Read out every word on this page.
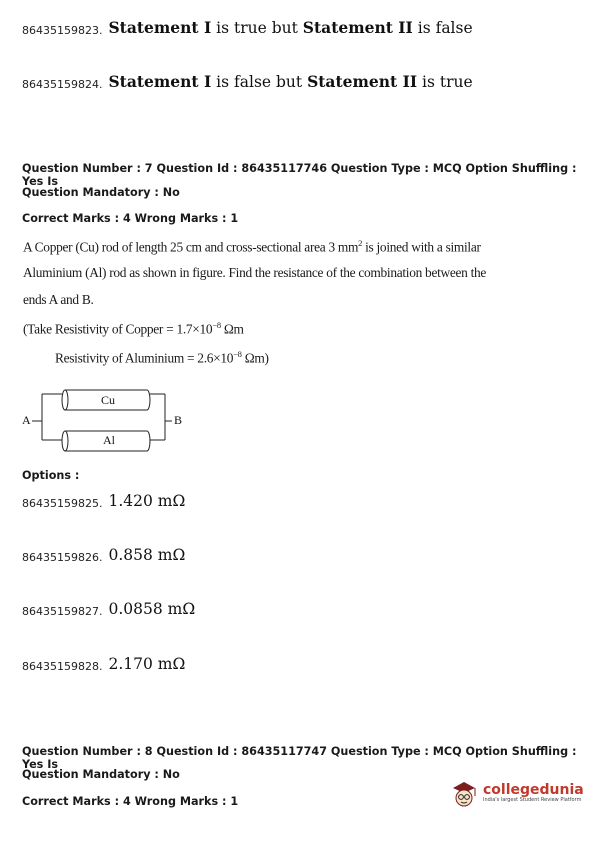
86435159823. Statement I is true but Statement II is false
86435159824. Statement I is false but Statement II is true
Question Number : 7 Question Id : 86435117746 Question Type : MCQ Option Shuffling : Yes Is
Question Mandatory : No
Correct Marks : 4 Wrong Marks : 1
A Copper (Cu) rod of length 25 cm and cross-sectional area 3 $mm^2$ is joined with a similar
Aluminium (Al) rod as shown in figure. Find the resistance of the combination between the
ends A and B.
(Take Resistivity of Copper = $1.7\times 10^{-8}$ Ωm
Resistivity of Aluminium = $2.6\times 10^{-8}$ Ωm)
A	B
Cu
Al
Options :
86435159825. 1.420 mΩ
86435159826. 0.858 mΩ
86435159827. 0.0858 mΩ
86435159828. 2.170 mΩ
Question Number : 8 Question Id : 86435117747 Question Type : MCQ Option Shuffling : Yes Is
Question Mandatory : No
Correct Marks : 4 Wrong Marks : 1
collegedunia
India's largest Student Review Platform
